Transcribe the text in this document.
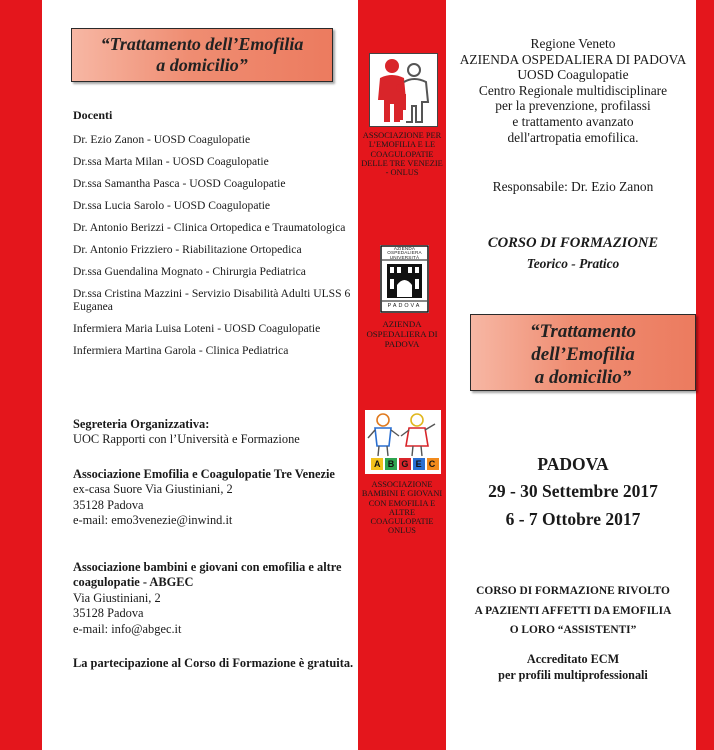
“Trattamento dell’Emofilia
a domicilio”
Docenti
Dr. Ezio Zanon - UOSD Coagulopatie
Dr.ssa Marta Milan - UOSD Coagulopatie
Dr.ssa Samantha Pasca - UOSD Coagulopatie
Dr.ssa Lucia Sarolo - UOSD Coagulopatie
Dr. Antonio Berizzi - Clinica Ortopedica e Traumatologica
Dr. Antonio Frizziero - Riabilitazione Ortopedica
Dr.ssa Guendalina Mognato - Chirurgia Pediatrica
Dr.ssa Cristina Mazzini - Servizio Disabilità Adulti ULSS 6 Euganea
Infermiera Maria Luisa Loteni - UOSD Coagulopatie
Infermiera Martina Garola - Clinica Pediatrica
Segreteria Organizzativa:
UOC Rapporti con l’Università e Formazione
Associazione Emofilia e Coagulopatie Tre Venezie
ex-casa Suore Via Giustiniani, 2
35128 Padova
e-mail: emo3venezie@inwind.it
Associazione bambini e giovani con emofilia e altre coagulopatie - ABGEC
Via Giustiniani, 2
35128 Padova
e-mail: info@abgec.it
La partecipazione al Corso di Formazione è gratuita.
ASSOCIAZIONE PER L’EMOFILIA E LE COAGULOPATIE DELLE TRE VENEZIE - ONLUS
AZIENDA OSPEDALIERA UNIVERSITÀ
PADOVA
AZIENDA OSPEDALIERA DI PADOVA
ABGEC
ASSOCIAZIONE BAMBINI E GIOVANI CON EMOFILIA E ALTRE COAGULOPATIE ONLUS
Regione Veneto
AZIENDA OSPEDALIERA DI PADOVA
UOSD Coagulopatie
Centro Regionale multidisciplinare
per la prevenzione, profilassi
e trattamento avanzato
dell'artropatia emofilica.
Responsabile: Dr. Ezio Zanon
CORSO DI FORMAZIONE
Teorico - Pratico
“Trattamento
dell’Emofilia
a domicilio”
PADOVA
29 - 30 Settembre 2017
6 - 7 Ottobre 2017
CORSO DI FORMAZIONE RIVOLTO
A PAZIENTI AFFETTI DA EMOFILIA
O LORO “ASSISTENTI”
Accreditato ECM
per profili multiprofessionali
